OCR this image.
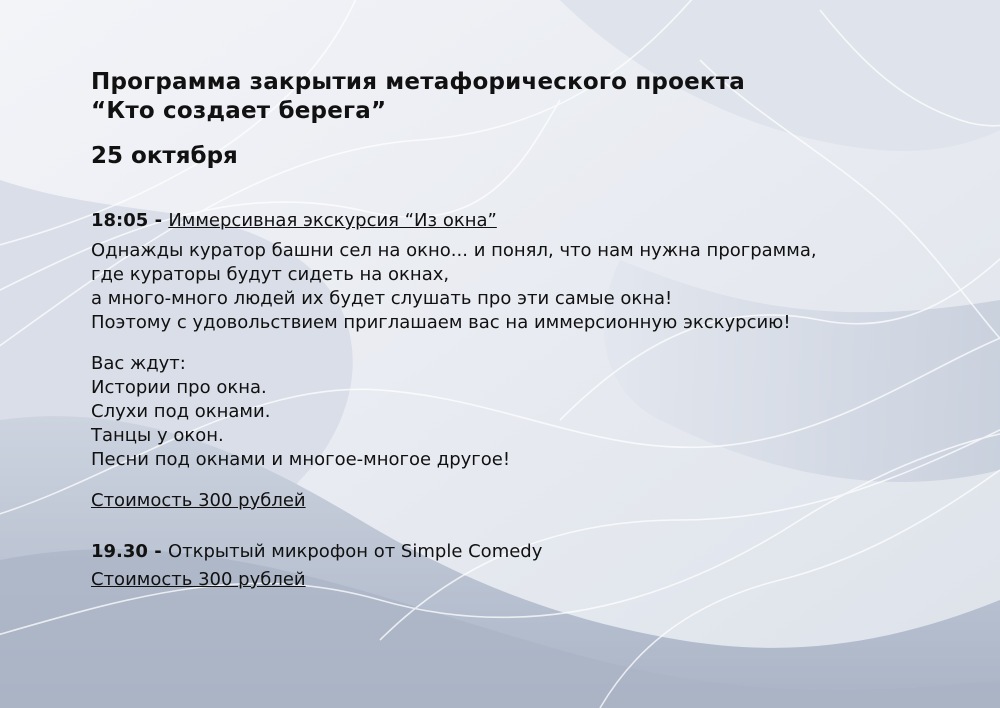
Программа закрытия метафорического проекта
“Кто создает берега”
25 октября

18:05 - Иммерсивная экскурсия “Из окна”

Однажды куратор башни сел на окно... и понял, что нам нужна программа,
где кураторы будут сидеть на окнах,
а много-много людей их будет слушать про эти самые окна!
Поэтому с удовольствием приглашаем вас на иммерсионную экскурсию!

Вас ждут:
Истории про окна.
Слухи под окнами.
Танцы у окон.
Песни под окнами и многое-многое другое!

Стоимость 300 рублей

19.30 - Открытый микрофон от Simple Comedy

Стоимость 300 рублей
